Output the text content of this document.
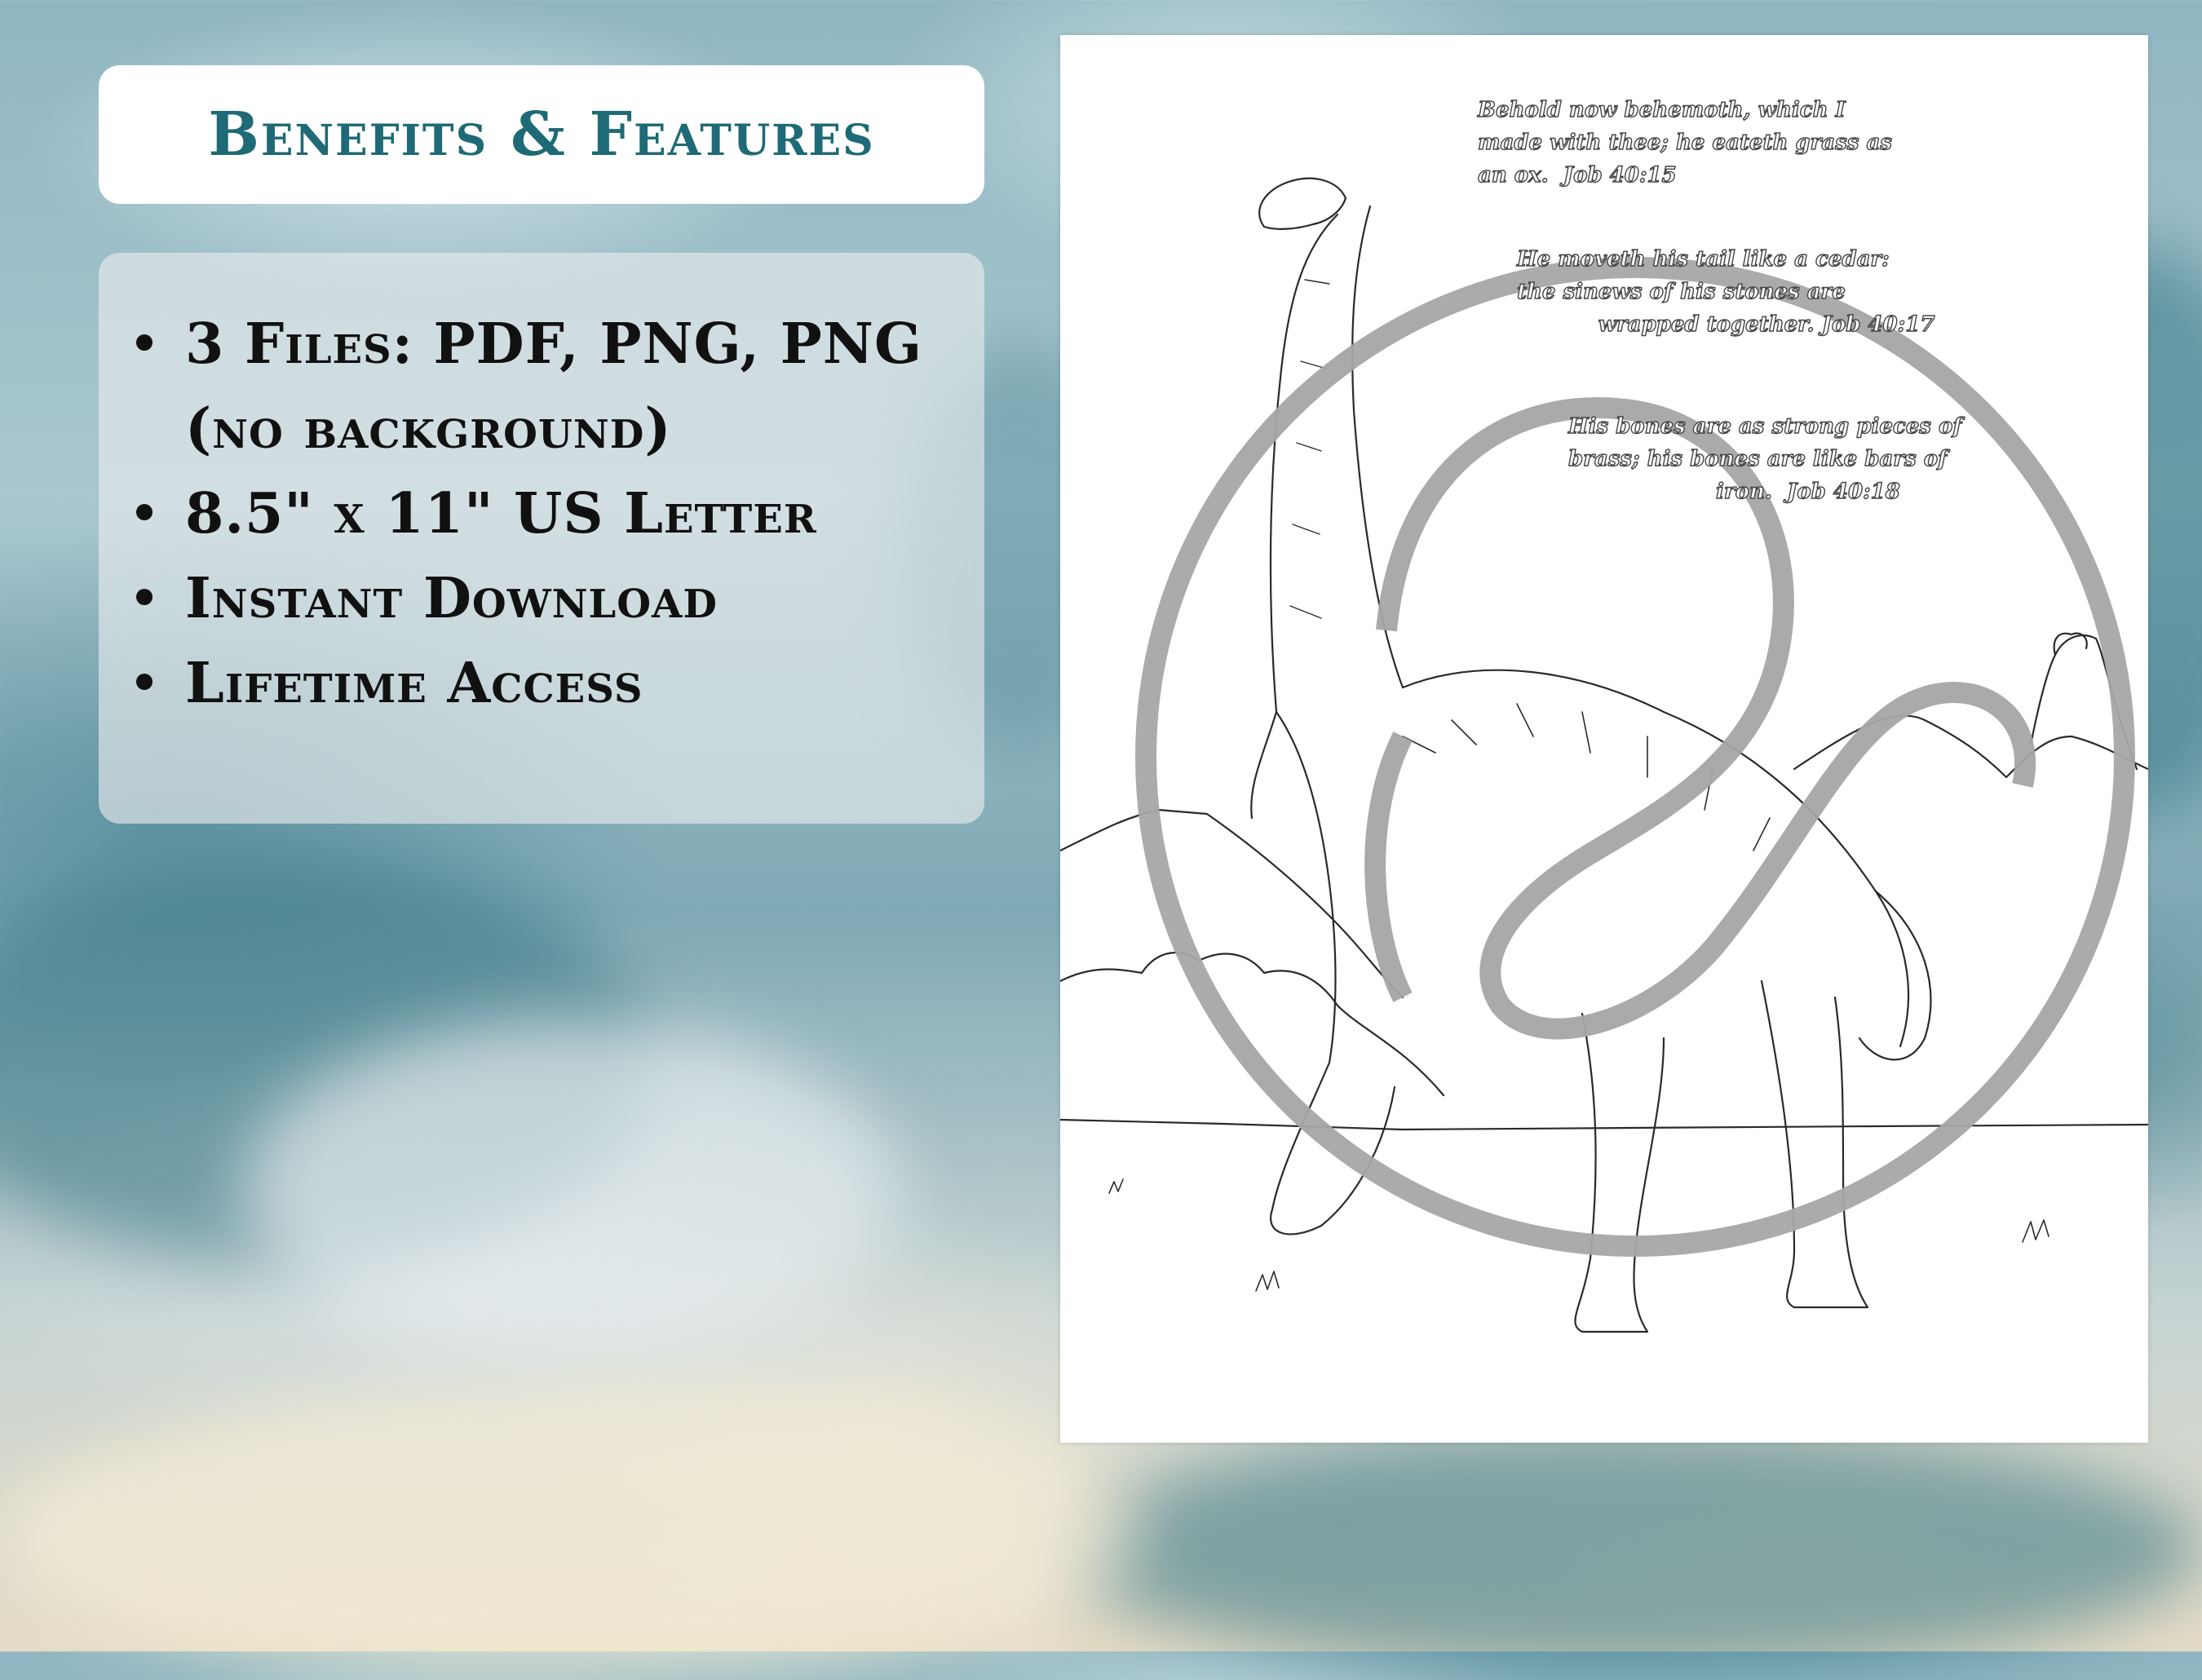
Benefits & Features
3 Files: PDF, PNG, PNG
(no background)
8.5" x 11" US Letter
Instant Download
Lifetime Access
Behold now behemoth, which I
made with thee; he eateth grass as
an ox.  Job 40:15
He moveth his tail like a cedar:
the sinews of his stones are
wrapped together. Job 40:17
His bones are as strong pieces of
brass; his bones are like bars of
iron.  Job 40:18
